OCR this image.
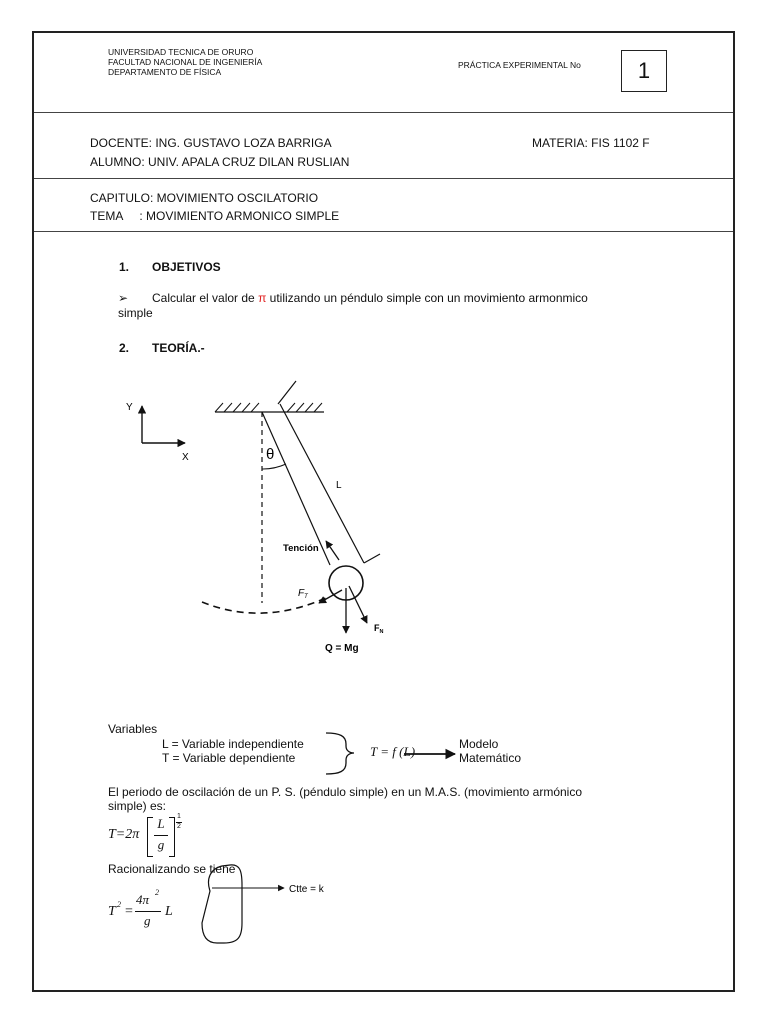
UNIVERSIDAD TECNICA DE ORURO
FACULTAD NACIONAL DE INGENIERÍA
DEPARTAMENTO DE FÍSICA
PRÁCTICA EXPERIMENTAL No	1
DOCENTE: ING. GUSTAVO LOZA BARRIGA
ALUMNO: UNIV. APALA CRUZ DILAN RUSLIAN
MATERIA: FIS 1102 F
CAPITULO: MOVIMIENTO OSCILATORIO
TEMA     : MOVIMIENTO ARMONICO SIMPLE
1. OBJETIVOS
➢ Calcular el valor de π utilizando un péndulo simple con un movimiento armonmico
simple
2. TEORÍA.-
Y
X	θ
L
Tención
$F_T$
$F_N$
Q = Mg
Ctte = k
Variables
L = Variable independiente
T = Variable dependiente	T = f (L)	Modelo
Matemático
El periodo de oscilación de un P. S. (péndulo simple) en un M.A.S. (movimiento armónico
simple) es:
T=2π
L
g
1
2
Racionalizando se tiene
T 2 =
4π 2
g
L
